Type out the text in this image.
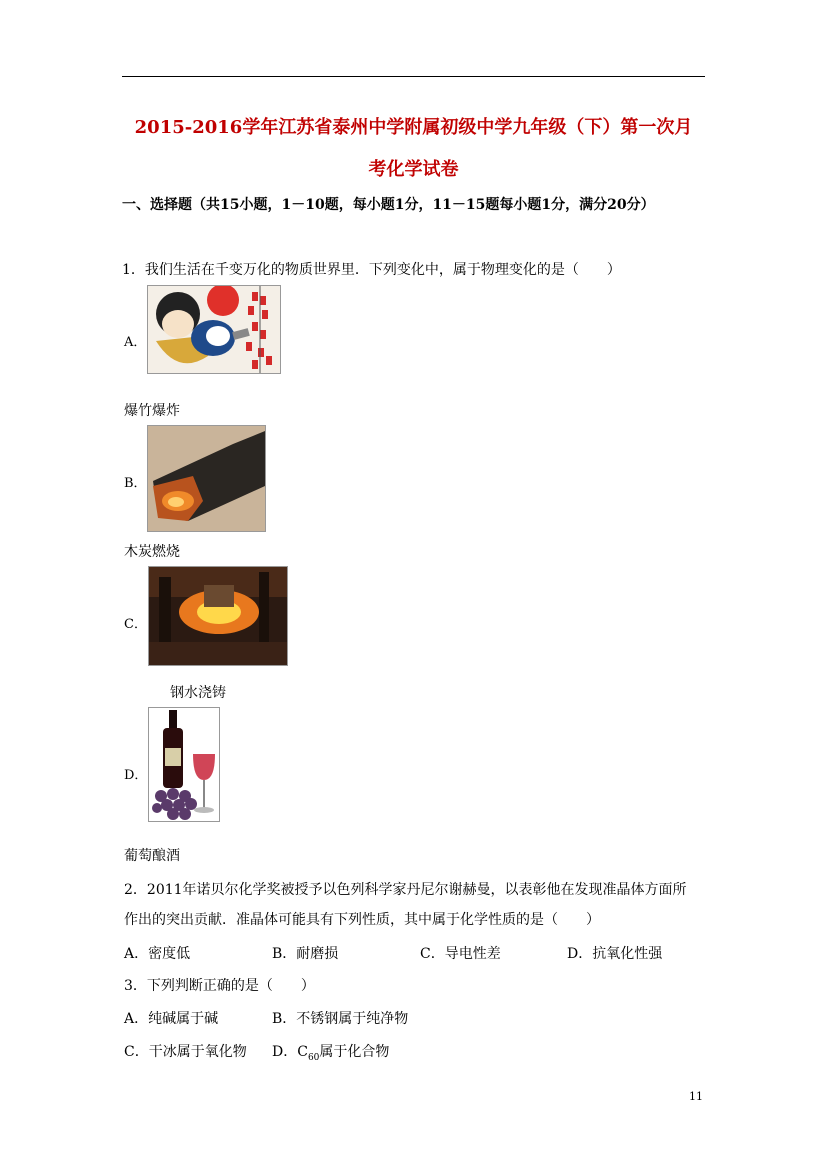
2015-2016学年江苏省泰州中学附属初级中学九年级（下）第一次月
考化学试卷
一、选择题（共15小题，1－10题，每小题1分，11－15题每小题1分，满分20分）
1．我们生活在千变万化的物质世界里．下列变化中，属于物理变化的是（　　）
A．
爆竹爆炸
B．
木炭燃烧
C．
钢水浇铸
D．
葡萄酿酒
2．2011年诺贝尔化学奖被授予以色列科学家丹尼尔谢赫曼，以表彰他在发现准晶体方面所
作出的突出贡献．准晶体可能具有下列性质，其中属于化学性质的是（　　）
A．密度低	B．耐磨损	C．导电性差	D．抗氧化性强
3．下列判断正确的是（　　）
A．纯碱属于碱	B．不锈钢属于纯净物
C．干冰属于氧化物 D．$C_{60}$属于化合物
11
